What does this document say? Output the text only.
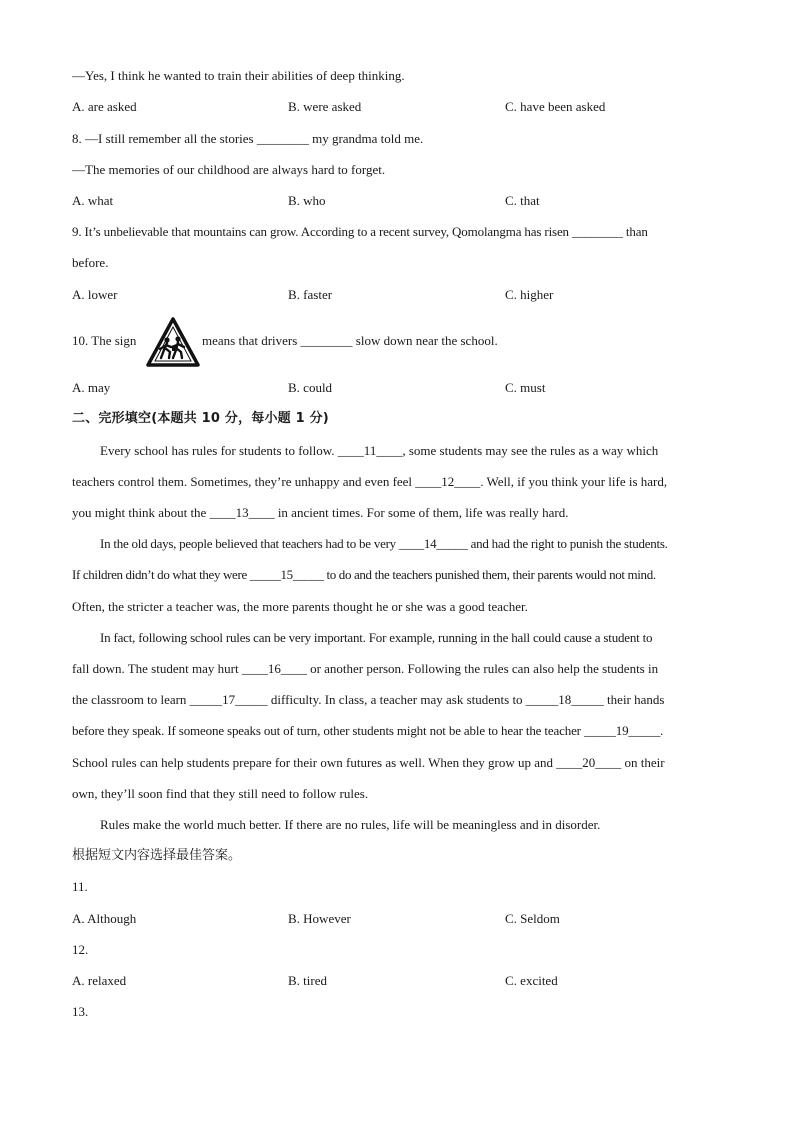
—Yes, I think he wanted to train their abilities of deep thinking.
A. are asked	B. were asked	C. have been asked
8. —I still remember all the stories ________ my grandma told me.
—The memories of our childhood are always hard to forget.
A. what	B. who	C. that
9. It’s unbelievable that mountains can grow. According to a recent survey, Qomolangma has risen ________ than
before.
A. lower	B. faster	C. higher
10. The sign	means that drivers ________ slow down near the school.
A. may	B. could	C. must
二、完形填空(本题共 10 分，每小题 1 分)
Every school has rules for students to follow. ____11____, some students may see the rules as a way which
teachers control them. Sometimes, they’re unhappy and even feel ____12____. Well, if you think your life is hard,
you might think about the ____13____ in ancient times. For some of them, life was really hard.
In the old days, people believed that teachers had to be very ____14_____ and had the right to punish the students.
If children didn’t do what they were _____15_____ to do and the teachers punished them, their parents would not mind.
Often, the stricter a teacher was, the more parents thought he or she was a good teacher.
In fact, following school rules can be very important. For example, running in the hall could cause a student to
fall down. The student may hurt ____16____ or another person. Following the rules can also help the students in
the classroom to learn _____17_____ difficulty. In class, a teacher may ask students to _____18_____ their hands
before they speak. If someone speaks out of turn, other students might not be able to hear the teacher _____19_____.
School rules can help students prepare for their own futures as well. When they grow up and ____20____ on their
own, they’ll soon find that they still need to follow rules.
Rules make the world much better. If there are no rules, life will be meaningless and in disorder.
根据短文内容选择最佳答案。
11.
A. Although	B. However	C. Seldom
12.
A. relaxed	B. tired	C. excited
13.
